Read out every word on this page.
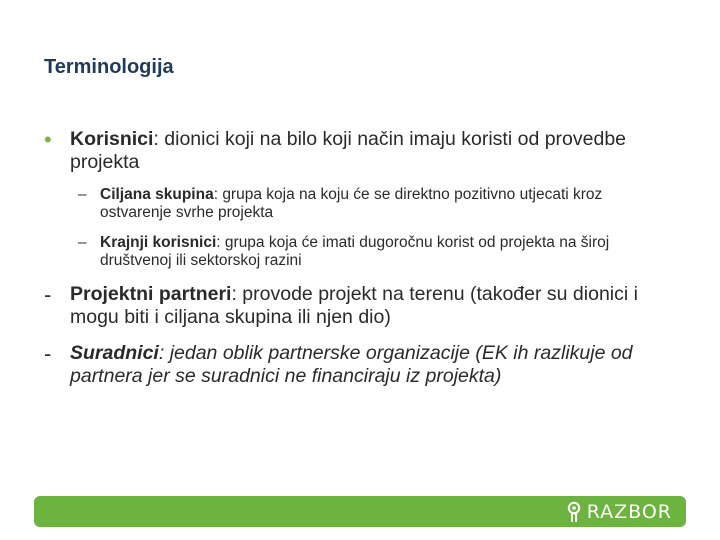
Terminologija
• Korisnici: dionici koji na bilo koji način imaju koristi od provedbe projekta
– Ciljana skupina: grupa koja na koju će se direktno pozitivno utjecati kroz ostvarenje svrhe projekta
– Krajnji korisnici: grupa koja će imati dugoročnu korist od projekta na široj društvenoj ili sektorskoj razini
- Projektni partneri: provode projekt na terenu (također su dionici i mogu biti i ciljana skupina ili njen dio)
- Suradnici: jedan oblik partnerske organizacije (EK ih razlikuje od partnera jer se suradnici ne financiraju iz projekta)
RAZBOR
